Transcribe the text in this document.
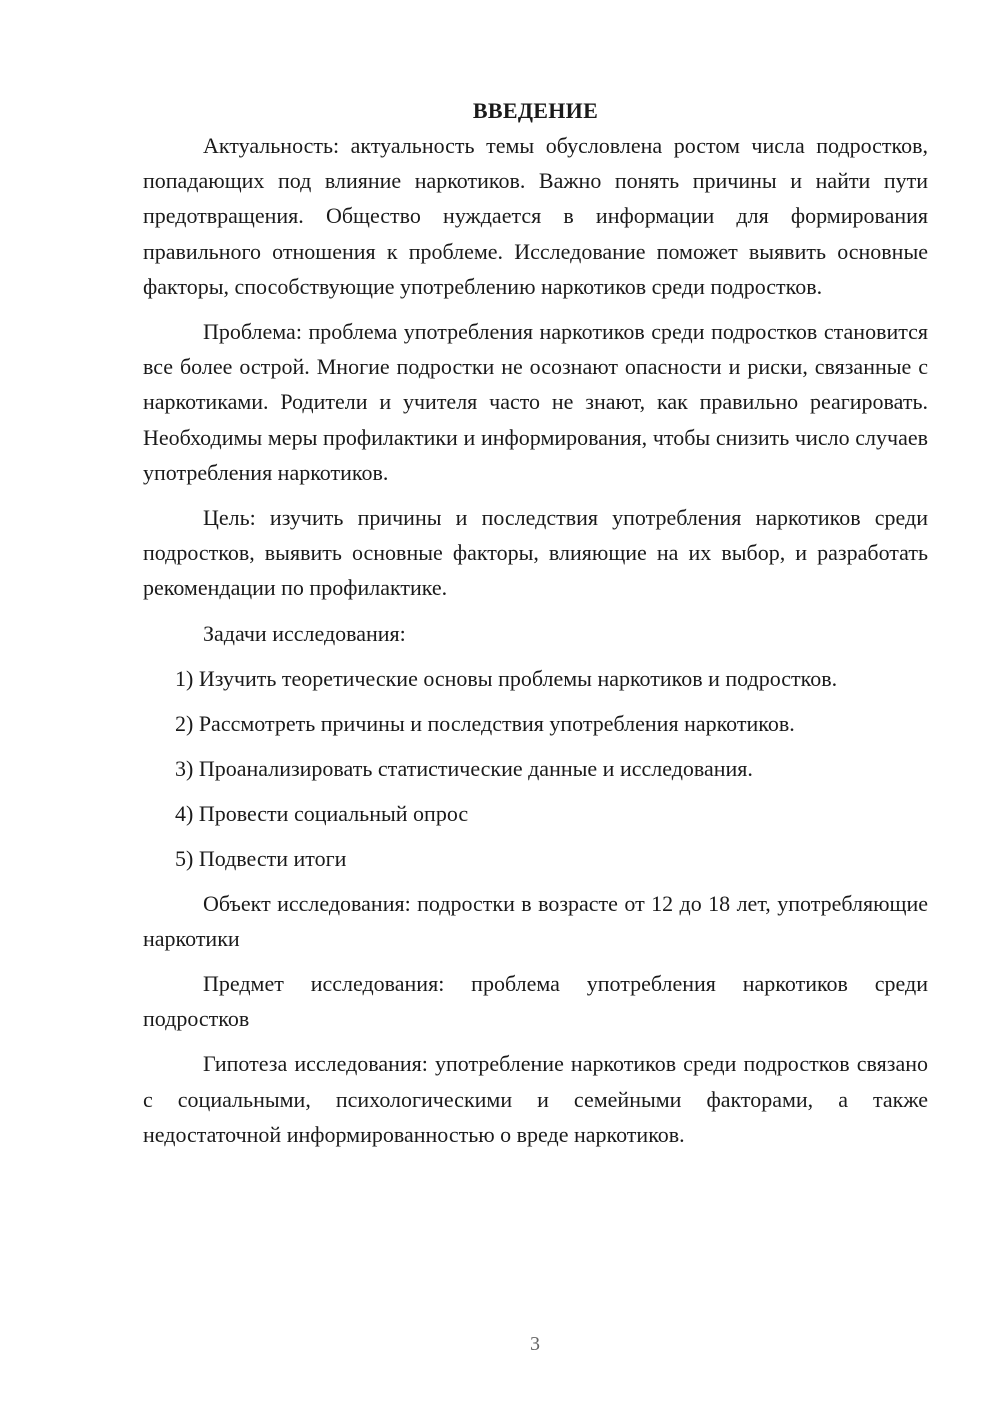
ВВЕДЕНИЕ

Актуальность: актуальность темы обусловлена ростом числа подростков, попадающих под влияние наркотиков. Важно понять причины и найти пути предотвращения. Общество нуждается в информации для формирования правильного отношения к проблеме. Исследование поможет выявить основные факторы, способствующие употреблению наркотиков среди подростков.

Проблема: проблема употребления наркотиков среди подростков становится все более острой. Многие подростки не осознают опасности и риски, связанные с наркотиками. Родители и учителя часто не знают, как правильно реагировать. Необходимы меры профилактики и информирования, чтобы снизить число случаев употребления наркотиков.

Цель: изучить причины и последствия употребления наркотиков среди подростков, выявить основные факторы, влияющие на их выбор, и разработать рекомендации по профилактике.

Задачи исследования:

1) Изучить теоретические основы проблемы наркотиков и подростков.
2) Рассмотреть причины и последствия употребления наркотиков.
3) Проанализировать статистические данные и исследования.
4) Провести социальный опрос
5) Подвести итоги

Объект исследования: подростки в возрасте от 12 до 18 лет, употребляющие наркотики

Предмет исследования: проблема употребления наркотиков среди подростков

Гипотеза исследования: употребление наркотиков среди подростков связано с социальными, психологическими и семейными факторами, а также недостаточной информированностью о вреде наркотиков.

3
